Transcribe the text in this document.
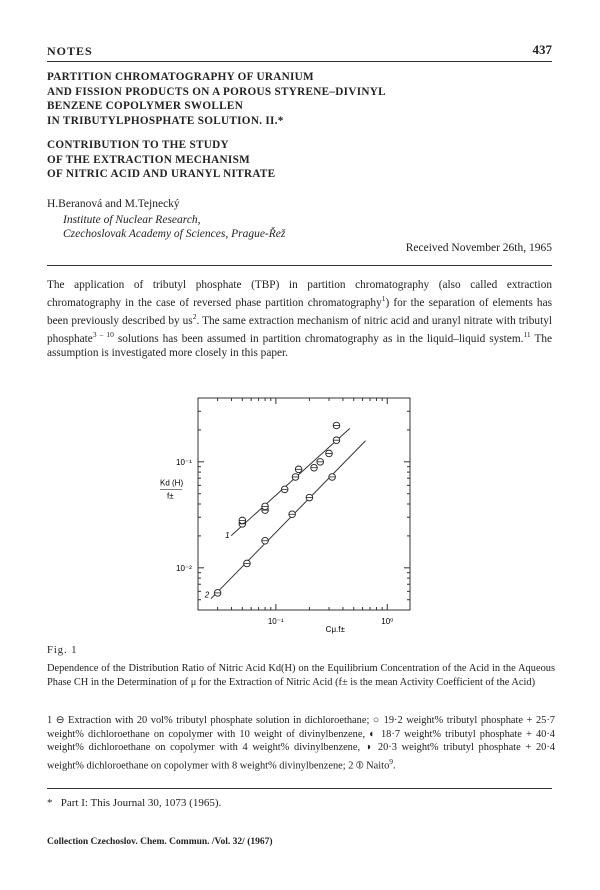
NOTES	437
PARTITION CHROMATOGRAPHY OF URANIUM
AND FISSION PRODUCTS ON A POROUS STYRENE–DIVINYL
BENZENE COPOLYMER SWOLLEN
IN TRIBUTYLPHOSPHATE SOLUTION. II.*
CONTRIBUTION TO THE STUDY
OF THE EXTRACTION MECHANISM
OF NITRIC ACID AND URANYL NITRATE
H.Beranová and M.Tejnecký
Institute of Nuclear Research,
Czechoslovak Academy of Sciences, Prague-Řež
Received November 26th, 1965
The application of tributyl phosphate (TBP) in partition chromatography (also called extraction chromatography in the case of reversed phase partition chromatography$^1$) for the separation of elements has been previously described by $us^2$. The same extraction mechanism of nitric acid and uranyl nitrate with tributyl phosphate$^{3 - 10}$ solutions has been assumed in partition chromatography as in the liquid–liquid system.$^{11}$ The assumption is investigated more closely in this paper.
10⁻¹	10⁰
10⁻¹
10⁻²
Cμ.f±
Kd (H)
f±
1
2
Fig. 1
Dependence of the Distribution Ratio of Nitric Acid Kd(H) on the Equilibrium Concentration of the Acid in the Aqueous Phase CH in the Determination of μ for the Extraction of Nitric Acid (f± is the mean Activity Coefficient of the Acid)
1 ⊖ Extraction with 20 vol% tributyl phosphate solution in dichloroethane; ○ 19·2 weight% tributyl phosphate + 25·7 weight% dichloroethane on copolymer with 10 weight of divinylbenzene, ◐ 18·7 weight% tributyl phosphate + 40·4 weight% dichloroethane on copolymer with 4 weight% divinylbenzene, ◑ 20·3 weight% tributyl phosphate + 20·4 weight% dichloroethane on copolymer with 8 weight% divinylbenzene; 2 ⦶ Naito$^9$.
*   Part I: This Journal 30, 1073 (1965).
Collection Czechoslov. Chem. Commun. /Vol. 32/ (1967)
